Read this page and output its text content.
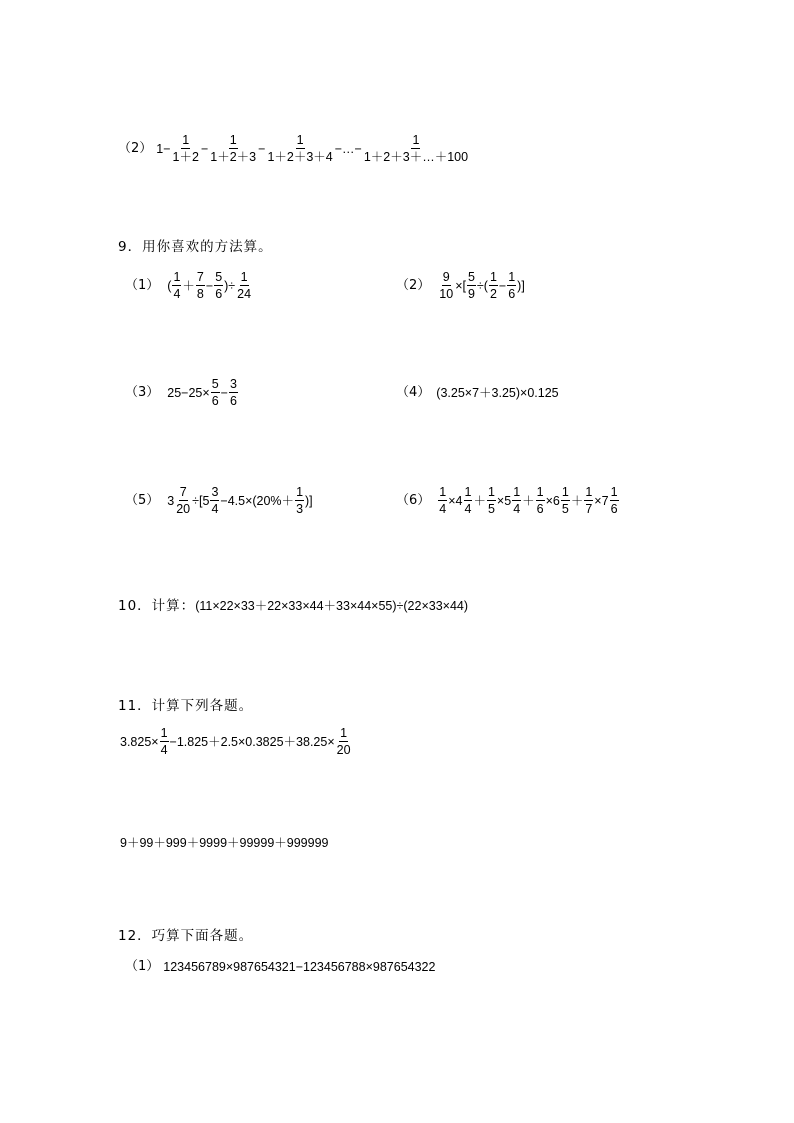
（2） $1- \frac{1}{1+2} - \frac{1}{1+2+3} - \frac{1}{1+2+3+4}$ −…− $\frac{1}{1+2+3+\dots+100}$
9．用你喜欢的方法算。
（1） ( $\frac{1}{4} + \frac{7}{8} - \frac{5}{6}$ )÷ $\frac{1}{24}$	$(2) \frac{9}{10}$ ×[ $\frac{5}{9}$ ÷( $\frac{1}{2} - \frac{1}{6}$ )]
（3） $25-25\times \frac{5}{6} - \frac{3}{6}$	（4） (3.25×7＋3.25)×0.125
（5） $3 \frac{7}{20} \div[5 \frac{3}{4} -4.5\times(20\%+ \frac{1}{3}$ )]	$(6) \frac{1}{4} \times 4 \frac{1}{4} + \frac{1}{5} \times 5 \frac{1}{4} + \frac{1}{6} \times 6 \frac{1}{5} + \frac{1}{7} \times 7 \frac{1}{6}$
10．计算： (11×22×33＋22×33×44＋33×44×55)÷(22×33×44)
11．计算下列各题。
$3.825\times \frac{1}{4} -1.825+2.5\times 0.3825+38.25\times \frac{1}{20}$
9＋99＋999＋9999＋99999＋999999
12．巧算下面各题。
（1） 123456789×987654321−123456788×987654322
